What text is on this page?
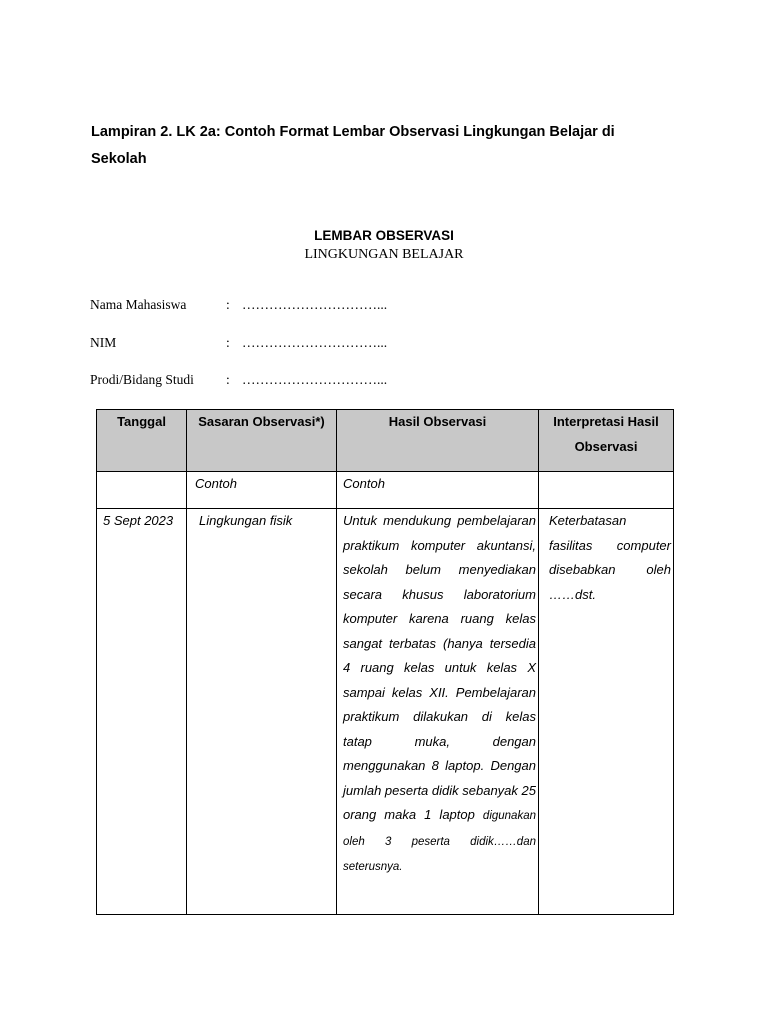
Lampiran 2. LK 2a: Contoh Format Lembar Observasi Lingkungan Belajar di Sekolah

LEMBAR OBSERVASI
LINGKUNGAN BELAJAR
Nama Mahasiswa	: …………………………...
NIM	: …………………………...
Prodi/Bidang Studi : …………………………...
Tanggal	Sasaran Observasi*)	Hasil Observasi	Interpretasi Hasil Observasi

	Contoh	Contoh	

5 Sept 2023	Lingkungan fisik	Untuk mendukung pembelajaran praktikum komputer akuntansi, sekolah belum menyediakan secara khusus laboratorium komputer karena ruang kelas sangat terbatas (hanya tersedia 4 ruang kelas untuk kelas X sampai kelas XII. Pembelajaran praktikum dilakukan di kelas tatap muka, dengan menggunakan 8 laptop. Dengan jumlah peserta didik sebanyak 25 orang maka 1 laptop digunakan oleh 3 peserta didik……dan seterusnya.	Keterbatasan fasilitas computer disebabkan oleh ……dst.
